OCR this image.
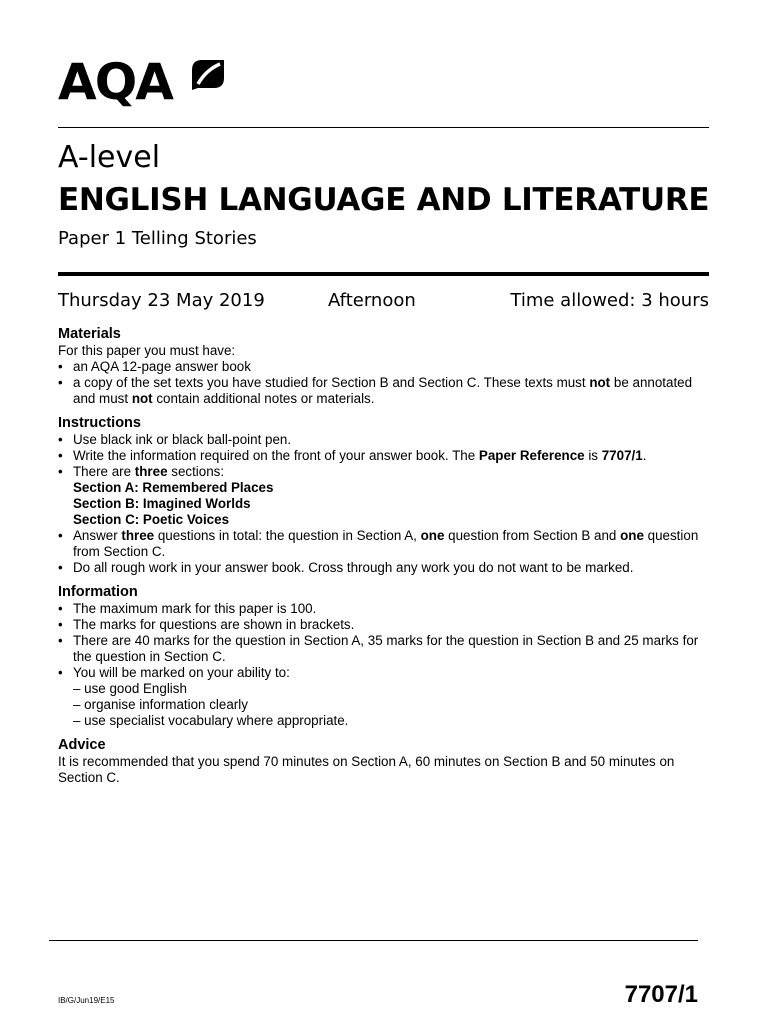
AQA
A-level
ENGLISH LANGUAGE AND LITERATURE
Paper 1 Telling Stories
Thursday 23 May 2019	Afternoon	Time allowed: 3 hours
Materials

For this paper you must have:

• an AQA 12-page answer book
• a copy of the set texts you have studied for Section B and Section C. These texts must not be annotated and must not contain additional notes or materials.
Instructions
• Use black ink or black ball-point pen.
• Write the information required on the front of your answer book. The Paper Reference is 7707/1.
• There are three sections:
Section A: Remembered Places
Section B: Imagined Worlds
Section C: Poetic Voices
• Answer three questions in total: the question in Section A, one question from Section B and one question from Section C.
• Do all rough work in your answer book. Cross through any work you do not want to be marked.
Information
• The maximum mark for this paper is 100.
• The marks for questions are shown in brackets.
• There are 40 marks for the question in Section A, 35 marks for the question in Section B and 25 marks for the question in Section C.
• You will be marked on your ability to:
– use good English
– organise information clearly
– use specialist vocabulary where appropriate.
Advice

It is recommended that you spend 70 minutes on Section A, 60 minutes on Section B and 50 minutes on Section C.

IB/G/Jun19/E15	7707/1
